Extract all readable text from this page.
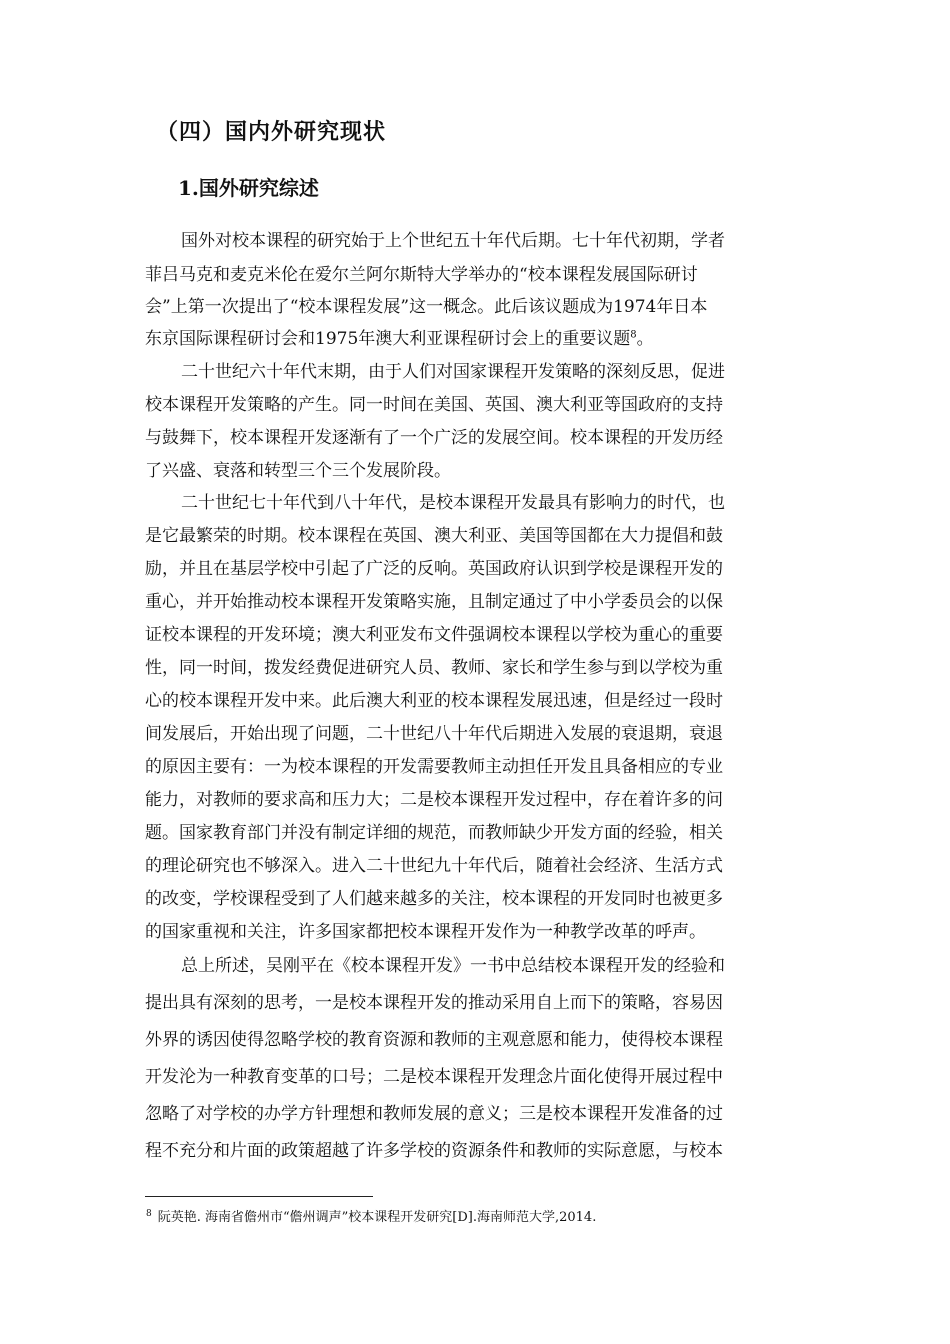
（四）国内外研究现状
1.国外研究综述
国外对校本课程的研究始于上个世纪五十年代后期。七十年代初期，学者
菲吕马克和麦克米伦在爱尔兰阿尔斯特大学举办的“校本课程发展国际研讨
会”上第一次提出了“校本课程发展”这一概念。此后该议题成为1974年日本
东京国际课程研讨会和1975年澳大利亚课程研讨会上的重要议题$^8$。
二十世纪六十年代末期，由于人们对国家课程开发策略的深刻反思，促进
校本课程开发策略的产生。同一时间在美国、英国、澳大利亚等国政府的支持
与鼓舞下，校本课程开发逐渐有了一个广泛的发展空间。校本课程的开发历经
了兴盛、衰落和转型三个三个发展阶段。
二十世纪七十年代到八十年代，是校本课程开发最具有影响力的时代，也
是它最繁荣的时期。校本课程在英国、澳大利亚、美国等国都在大力提倡和鼓
励，并且在基层学校中引起了广泛的反响。英国政府认识到学校是课程开发的
重心，并开始推动校本课程开发策略实施，且制定通过了中小学委员会的以保
证校本课程的开发环境；澳大利亚发布文件强调校本课程以学校为重心的重要
性，同一时间，拨发经费促进研究人员、教师、家长和学生参与到以学校为重
心的校本课程开发中来。此后澳大利亚的校本课程发展迅速，但是经过一段时
间发展后，开始出现了问题，二十世纪八十年代后期进入发展的衰退期，衰退
的原因主要有：一为校本课程的开发需要教师主动担任开发且具备相应的专业
能力，对教师的要求高和压力大；二是校本课程开发过程中，存在着许多的问
题。国家教育部门并没有制定详细的规范，而教师缺少开发方面的经验，相关
的理论研究也不够深入。进入二十世纪九十年代后，随着社会经济、生活方式
的改变，学校课程受到了人们越来越多的关注，校本课程的开发同时也被更多
的国家重视和关注，许多国家都把校本课程开发作为一种教学改革的呼声。
总上所述，吴刚平在《校本课程开发》一书中总结校本课程开发的经验和
提出具有深刻的思考，一是校本课程开发的推动采用自上而下的策略，容易因
外界的诱因使得忽略学校的教育资源和教师的主观意愿和能力，使得校本课程
开发沦为一种教育变革的口号；二是校本课程开发理念片面化使得开展过程中
忽略了对学校的办学方针理想和教师发展的意义；三是校本课程开发准备的过
程不充分和片面的政策超越了许多学校的资源条件和教师的实际意愿，与校本
$^8$ 阮英艳. 海南省儋州市“儋州调声”校本课程开发研究[D].海南师范大学,2014.
